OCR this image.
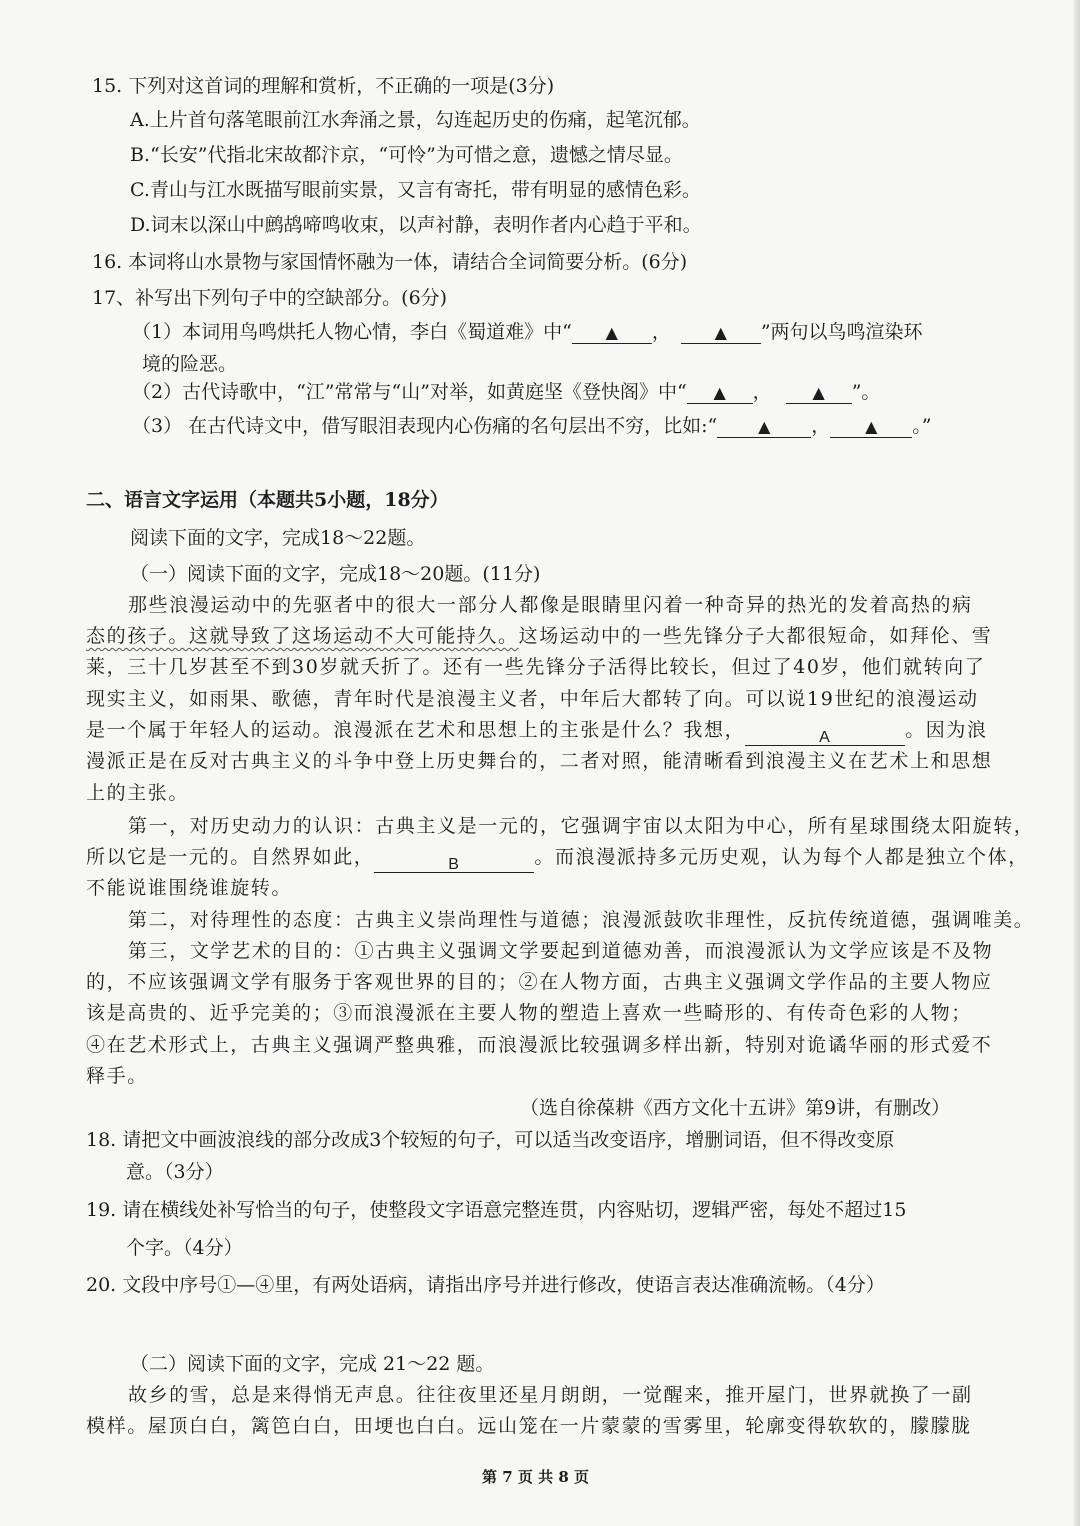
15. 下列对这首词的理解和赏析，不正确的一项是(3分)
A.上片首句落笔眼前江水奔涌之景，勾连起历史的伤痛，起笔沉郁。
B.“长安”代指北宋故都汴京，“可怜”为可惜之意，遗憾之情尽显。
C.青山与江水既描写眼前实景，又言有寄托，带有明显的感情色彩。
D.词末以深山中鹧鸪啼鸣收束，以声衬静，表明作者内心趋于平和。
16. 本词将山水景物与家国情怀融为一体，请结合全词简要分析。(6分)
17、补写出下列句子中的空缺部分。(6分)
（1）本词用鸟鸣烘托人物心情，李白《蜀道难》中“ ▲ ，	▲ ”两句以鸟鸣渲染环
境的险恶。
（2）古代诗歌中，“江”常常与“山”对举，如黄庭坚《登快阁》中“ ▲ ，	▲ ”。
（3） 在古代诗文中，借写眼泪表现内心伤痛的名句层出不穷，比如:“	▲ ， ▲ 。”
二、语言文字运用（本题共5小题，18分）
阅读下面的文字，完成18～22题。
（一）阅读下面的文字，完成18～20题。(11分)
那些浪漫运动中的先驱者中的很大一部分人都像是眼睛里闪着一种奇异的热光的发着高热的病
态的孩子。这就导致了这场运动不大可能持久。这场运动中的一些先锋分子大都很短命，如拜伦、雪
莱，三十几岁甚至不到30岁就夭折了。还有一些先锋分子活得比较长，但过了40岁，他们就转向了
现实主义，如雨果、歌德，青年时代是浪漫主义者，中年后大都转了向。可以说19世纪的浪漫运动
是一个属于年轻人的运动。浪漫派在艺术和思想上的主张是什么？我想，	A	。因为浪
漫派正是在反对古典主义的斗争中登上历史舞台的，二者对照，能清晰看到浪漫主义在艺术上和思想
上的主张。
第一，对历史动力的认识：古典主义是一元的，它强调宇宙以太阳为中心，所有星球围绕太阳旋转，
所以它是一元的。自然界如此，	B	。而浪漫派持多元历史观，认为每个人都是独立个体，
不能说谁围绕谁旋转。
第二，对待理性的态度：古典主义崇尚理性与道德；浪漫派鼓吹非理性，反抗传统道德，强调唯美。
第三，文学艺术的目的：①古典主义强调文学要起到道德劝善，而浪漫派认为文学应该是不及物
的，不应该强调文学有服务于客观世界的目的；②在人物方面，古典主义强调文学作品的主要人物应
该是高贵的、近乎完美的；③而浪漫派在主要人物的塑造上喜欢一些畸形的、有传奇色彩的人物；
④在艺术形式上，古典主义强调严整典雅，而浪漫派比较强调多样出新，特别对诡谲华丽的形式爱不
释手。
（选自徐葆耕《西方文化十五讲》第9讲，有删改）
18. 请把文中画波浪线的部分改成3个较短的句子，可以适当改变语序，增删词语，但不得改变原
意。（3分）
19. 请在横线处补写恰当的句子，使整段文字语意完整连贯，内容贴切，逻辑严密，每处不超过15
个字。（4分）
20. 文段中序号①—④里，有两处语病，请指出序号并进行修改，使语言表达准确流畅。（4分）
（二）阅读下面的文字，完成 21～22 题。
故乡的雪，总是来得悄无声息。往往夜里还星月朗朗，一觉醒来，推开屋门，世界就换了一副
模样。屋顶白白，篱笆白白，田埂也白白。远山笼在一片蒙蒙的雪雾里，轮廓变得软软的，朦朦胧
第 7 页 共 8 页
